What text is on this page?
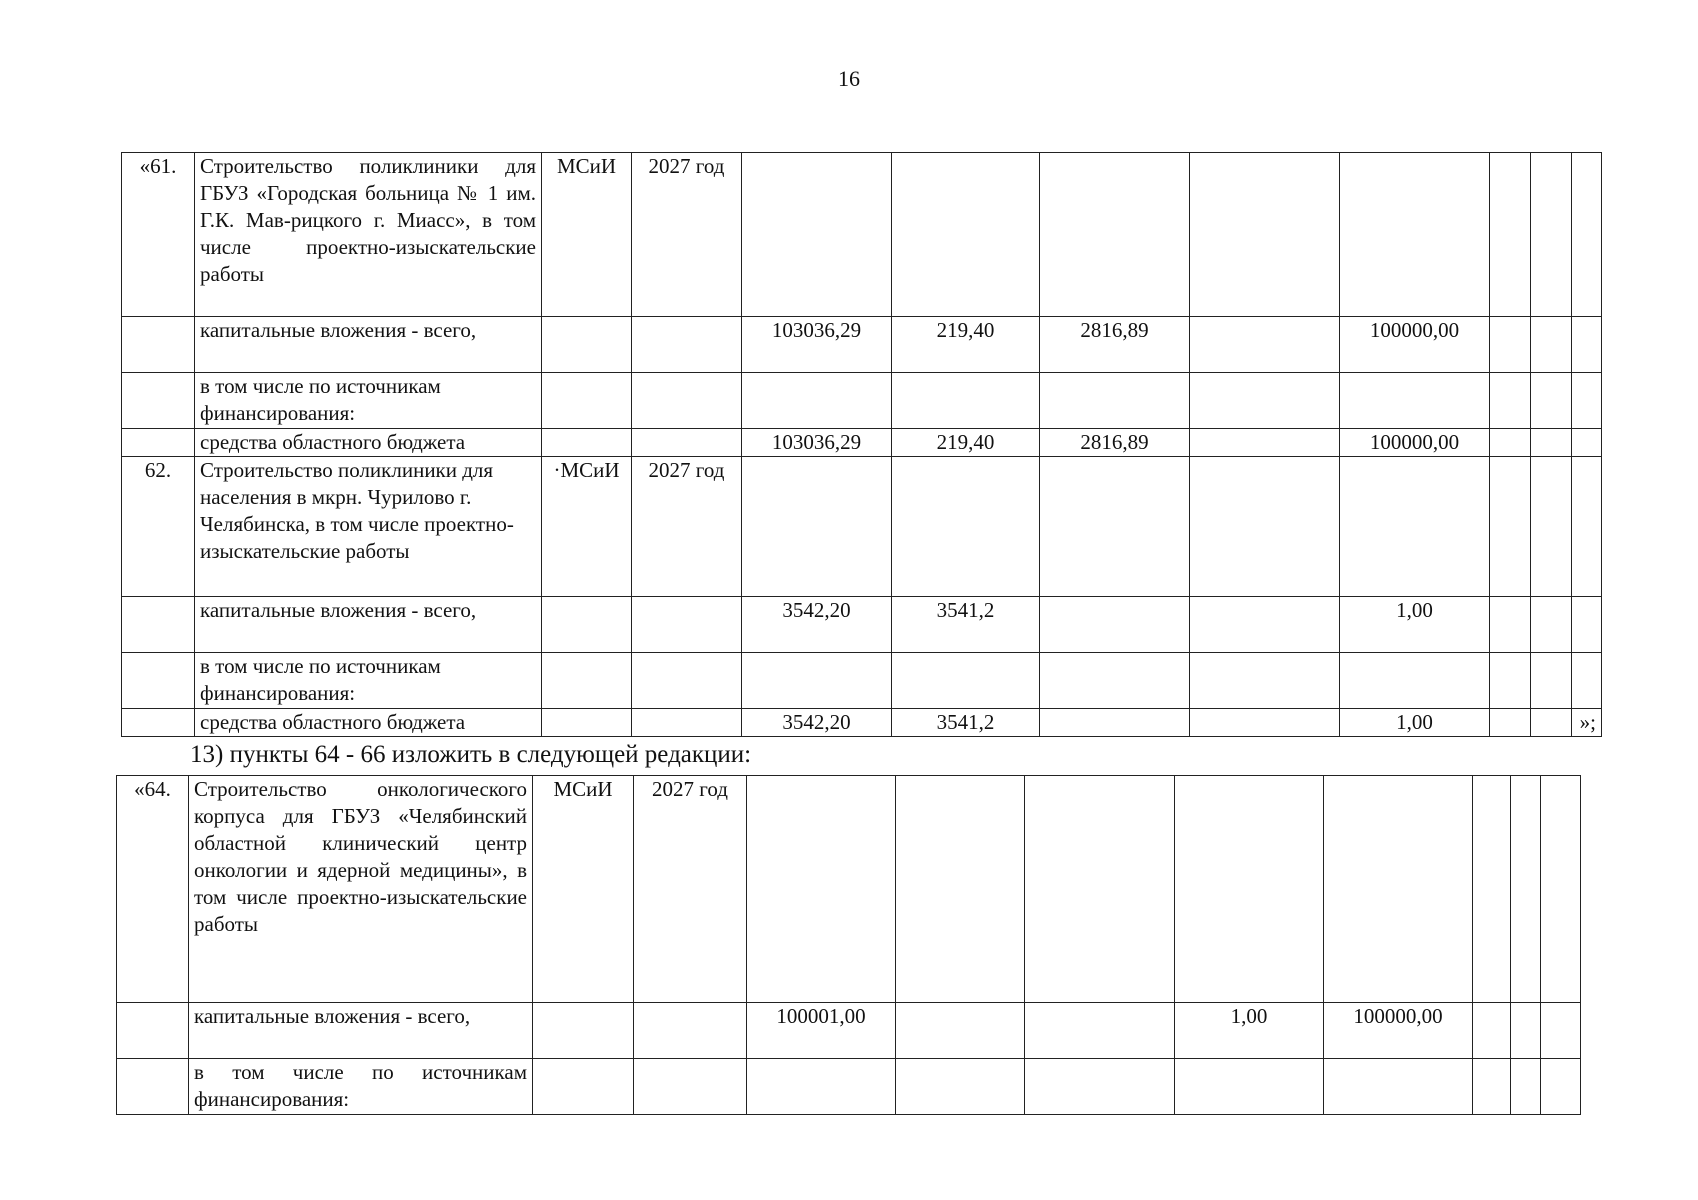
16
«61.	Строительство поликлиники для ГБУЗ «Городская больница № 1 им. Г.К. Мав-рицкого г. Миасс», в том числе проектно-изыскательские работы	МСиИ	2027 год								
	капитальные вложения - всего,			103036,29	219,40	2816,89		100000,00			
	в том числе по источникам финансирования:										
	средства областного бюджета			103036,29	219,40	2816,89		100000,00			
62.	Строительство поликлиники для населения в мкрн. Чурилово г. Челябинска, в том числе проектно-изыскательские работы	·МСиИ	2027 год								
	капитальные вложения - всего,			3542,20	3541,2			1,00			
	в том числе по источникам финансирования:										
	средства областного бюджета			3542,20	3541,2			1,00			»;
13) пункты 64 - 66 изложить в следующей редакции:
«64.	Строительство онкологического корпуса для ГБУЗ «Челябинский областной клинический центр онкологии и ядерной медицины», в том числе проектно-изыскательские работы	МСиИ	2027 год								
	капитальные вложения - всего,			100001,00			1,00	100000,00			
	в том числе по источникам финансирования:										
